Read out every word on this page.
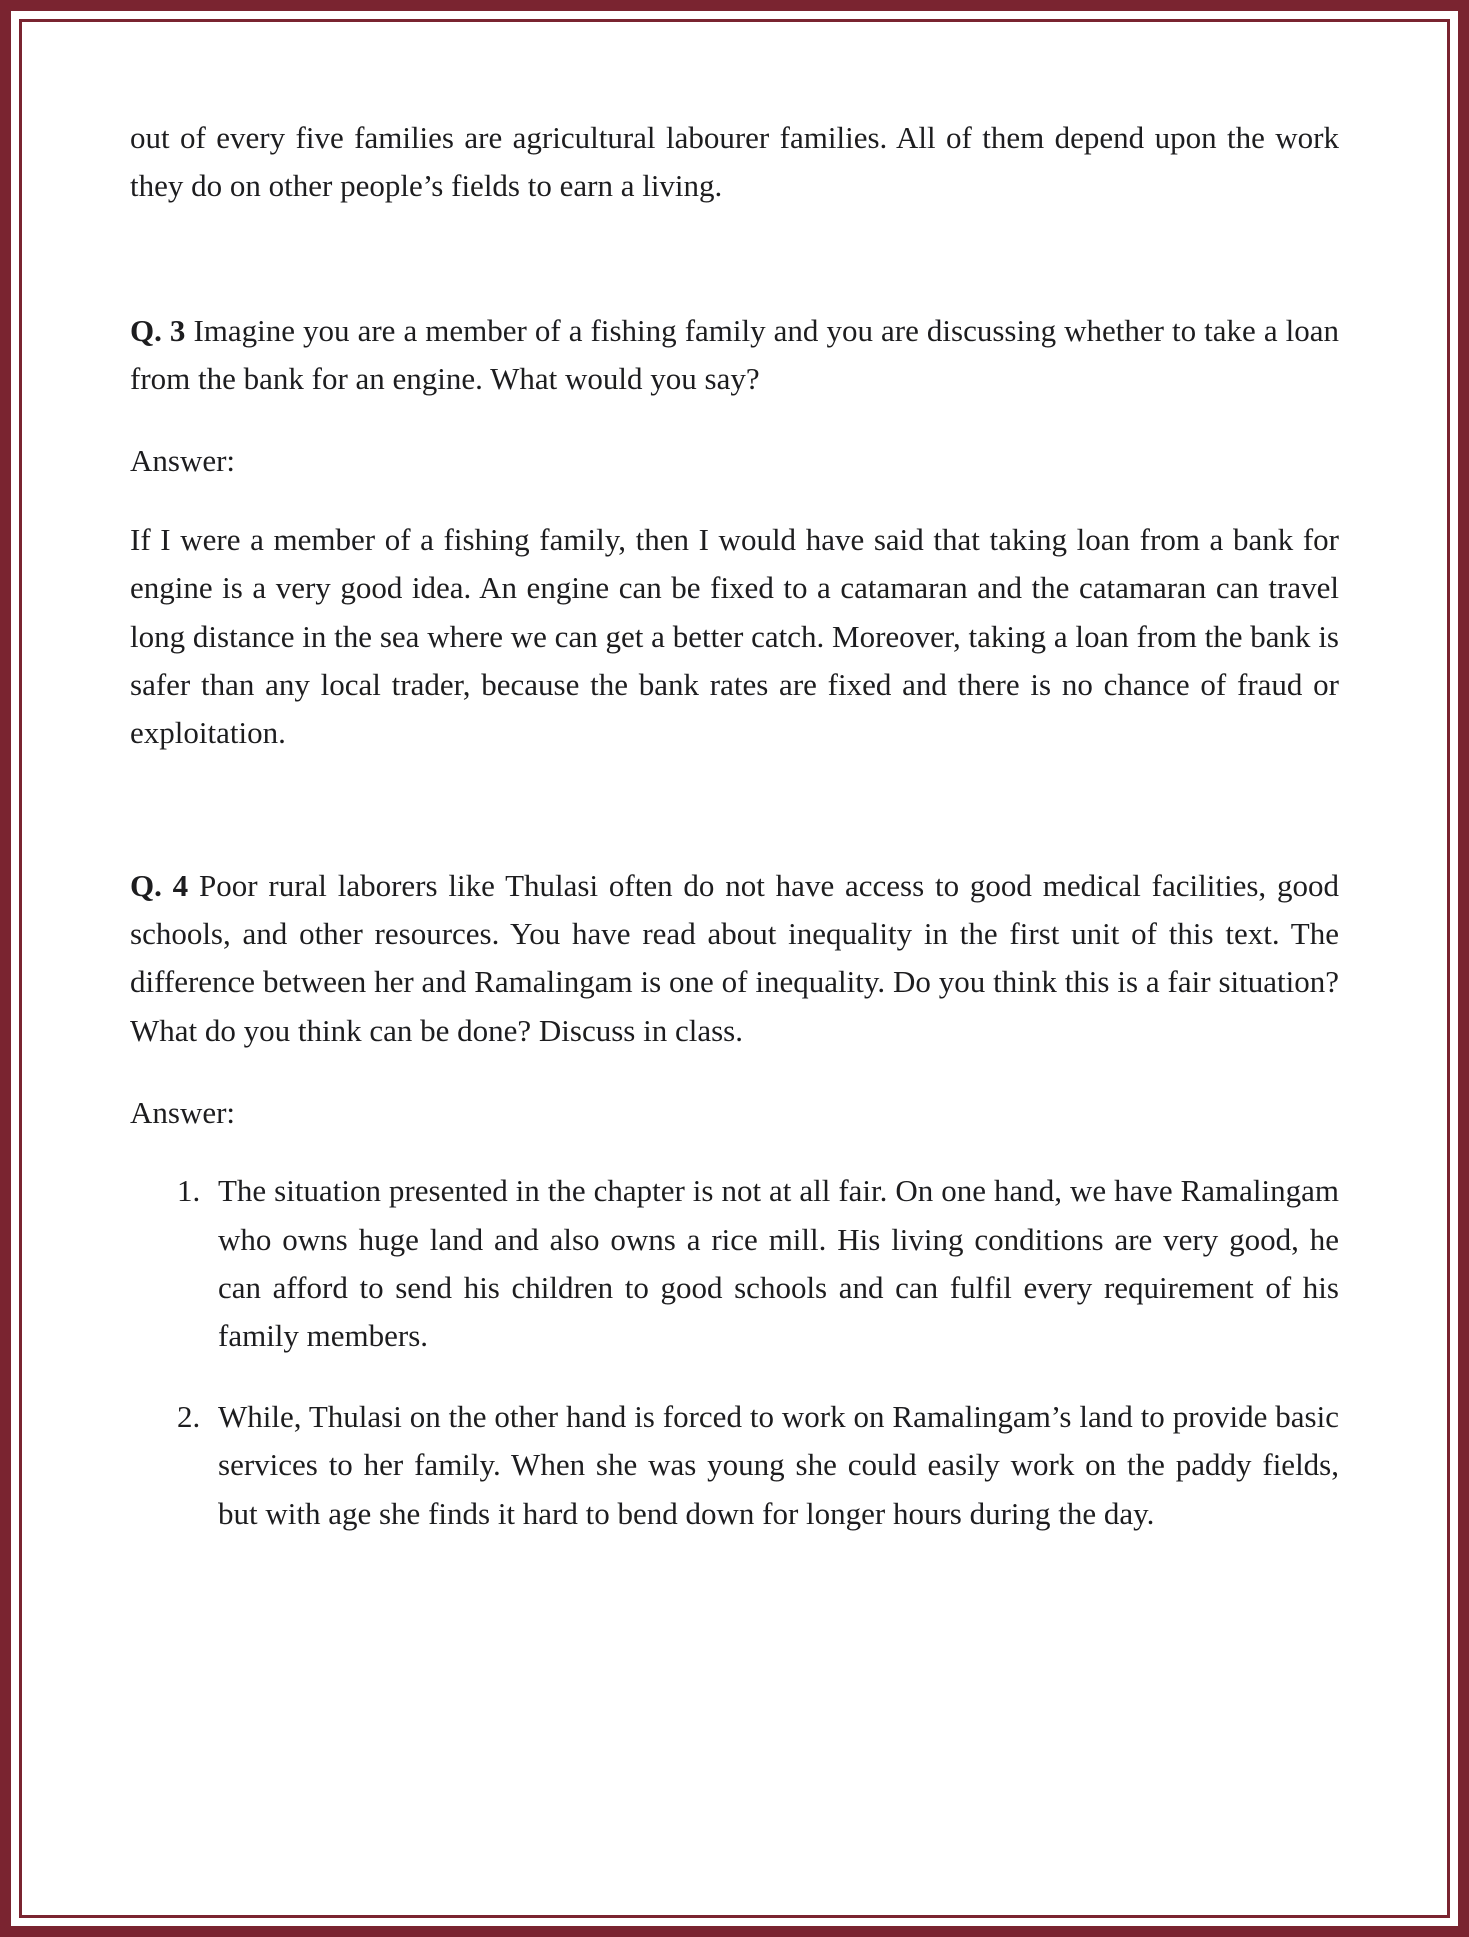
out of every five families are agricultural labourer families. All of them depend upon the work they do on other people’s fields to earn a living.

Q. 3 Imagine you are a member of a fishing family and you are discussing whether to take a loan from the bank for an engine. What would you say?

Answer:

If I were a member of a fishing family, then I would have said that taking loan from a bank for engine is a very good idea. An engine can be fixed to a catamaran and the catamaran can travel long distance in the sea where we can get a better catch. Moreover, taking a loan from the bank is safer than any local trader, because the bank rates are fixed and there is no chance of fraud or exploitation.

Q. 4 Poor rural laborers like Thulasi often do not have access to good medical facilities, good schools, and other resources. You have read about inequality in the first unit of this text. The difference between her and Ramalingam is one of inequality. Do you think this is a fair situation? What do you think can be done? Discuss in class.

Answer:

1. The situation presented in the chapter is not at all fair. On one hand, we have Ramalingam who owns huge land and also owns a rice mill. His living conditions are very good, he can afford to send his children to good schools and can fulfil every requirement of his family members.
2. While, Thulasi on the other hand is forced to work on Ramalingam’s land to provide basic services to her family. When she was young she could easily work on the paddy fields, but with age she finds it hard to bend down for longer hours during the day.
